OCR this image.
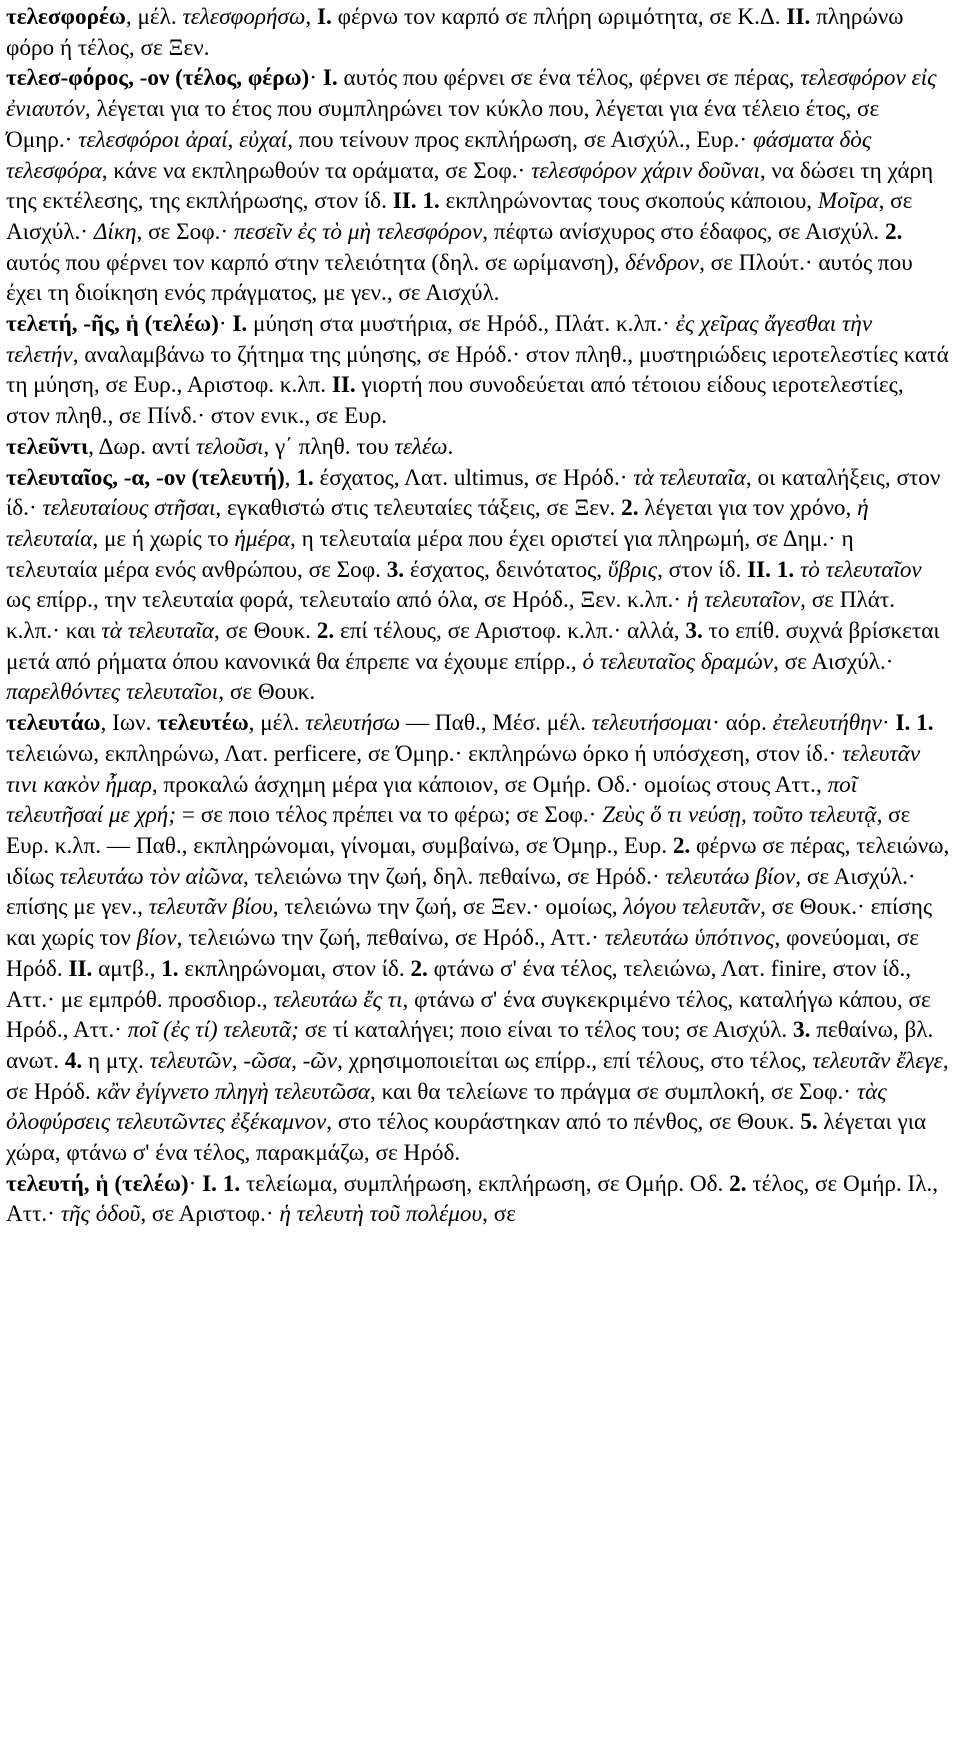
τελεσφορέω, μέλ. τελεσφορήσω, I. φέρνω τον καρπό σε πλήρη ωριμότητα, σε Κ.Δ. II. πληρώνω φόρο ή τέλος, σε Ξεν.

τελεσ-φόρος, -ον (τέλος, φέρω)· I. αυτός που φέρνει σε ένα τέλος, φέρνει σε πέρας, τελεσφόρον εἰς ἐνιαυτόν, λέγεται για το έτος που συμπληρώνει τον κύκλο που, λέγεται για ένα τέλειο έτος, σε Όμηρ.· τελεσφόροι ἀραί, εὐχαί, που τείνουν προς εκπλήρωση, σε Αισχύλ., Ευρ.· φάσματα δὸς τελεσφόρα, κάνε να εκπληρωθούν τα οράματα, σε Σοφ.· τελεσφόρον χάριν δοῦναι, να δώσει τη χάρη της εκτέλεσης, της εκπλήρωσης, στον ίδ. II. 1. εκπληρώνοντας τους σκοπούς κάποιου, Μοῖρα, σε Αισχύλ.· Δίκη, σε Σοφ.· πεσεῖν ἐς τὸ μὴ τελεσφόρον, πέφτω ανίσχυρος στο έδαφος, σε Αισχύλ. 2. αυτός που φέρνει τον καρπό στην τελειότητα (δηλ. σε ωρίμανση), δένδρον, σε Πλούτ.· αυτός που έχει τη διοίκηση ενός πράγματος, με γεν., σε Αισχύλ.

τελετή, -ῆς, ἡ (τελέω)· I. μύηση στα μυστήρια, σε Ηρόδ., Πλάτ. κ.λπ.· ἐς χεῖρας ἄγεσθαι τὴν τελετήν, αναλαμβάνω το ζήτημα της μύησης, σε Ηρόδ.· στον πληθ., μυστηριώδεις ιεροτελεστίες κατά τη μύηση, σε Ευρ., Αριστοφ. κ.λπ. II. γιορτή που συνοδεύεται από τέτοιου είδους ιεροτελεστίες, στον πληθ., σε Πίνδ.· στον ενικ., σε Ευρ.

τελεῦντι, Δωρ. αντί τελοῦσι, γ΄ πληθ. του τελέω.

τελευταῖος, -α, -ον (τελευτή), 1. έσχατος, Λατ. ultimus, σε Ηρόδ.· τὰ τελευταῖα, οι καταλήξεις, στον ίδ.· τελευταίους στῆσαι, εγκαθιστώ στις τελευταίες τάξεις, σε Ξεν. 2. λέγεται για τον χρόνο, ἡ τελευταία, με ή χωρίς το ἡμέρα, η τελευταία μέρα που έχει οριστεί για πληρωμή, σε Δημ.· η τελευταία μέρα ενός ανθρώπου, σε Σοφ. 3. έσχατος, δεινότατος, ὕβρις, στον ίδ. II. 1. τὸ τελευταῖον ως επίρρ., την τελευταία φορά, τελευταίο από όλα, σε Ηρόδ., Ξεν. κ.λπ.· ἡ τελευταῖον, σε Πλάτ. κ.λπ.· και τὰ τελευταῖα, σε Θουκ. 2. επί τέλους, σε Αριστοφ. κ.λπ.· αλλά, 3. το επίθ. συχνά βρίσκεται μετά από ρήματα όπου κανονικά θα έπρεπε να έχουμε επίρρ., ὁ τελευταῖος δραμών, σε Αισχύλ.· παρελθόντες τελευταῖοι, σε Θουκ.

τελευτάω, Ιων. τελευτέω, μέλ. τελευτήσω — Παθ., Μέσ. μέλ. τελευτήσομαι· αόρ. ἐτελευτήθην· I. 1. τελειώνω, εκπληρώνω, Λατ. perficere, σε Όμηρ.· εκπληρώνω όρκο ή υπόσχεση, στον ίδ.· τελευτᾶν τινι κακὸν ἦμαρ, προκαλώ άσχημη μέρα για κάποιον, σε Ομήρ. Οδ.· ομοίως στους Αττ., ποῖ τελευτῆσαί με χρή; = σε ποιο τέλος πρέπει να το φέρω; σε Σοφ.· Ζεὺς ὅ τι νεύσῃ, τοῦτο τελευτᾷ, σε Ευρ. κ.λπ. — Παθ., εκπληρώνομαι, γίνομαι, συμβαίνω, σε Όμηρ., Ευρ. 2. φέρνω σε πέρας, τελειώνω, ιδίως τελευτάω τὸν αἰῶνα, τελειώνω την ζωή, δηλ. πεθαίνω, σε Ηρόδ.· τελευτάω βίον, σε Αισχύλ.· επίσης με γεν., τελευτᾶν βίου, τελειώνω την ζωή, σε Ξεν.· ομοίως, λόγου τελευτᾶν, σε Θουκ.· επίσης και χωρίς τον βίον, τελειώνω την ζωή, πεθαίνω, σε Ηρόδ., Αττ.· τελευτάω ὑπότινος, φονεύομαι, σε Ηρόδ. II. αμτβ., 1. εκπληρώνομαι, στον ίδ. 2. φτάνω σ' ένα τέλος, τελειώνω, Λατ. finire, στον ίδ., Αττ.· με εμπρόθ. προσδιορ., τελευτάω ἔς τι, φτάνω σ' ένα συγκεκριμένο τέλος, καταλήγω κάπου, σε Ηρόδ., Αττ.· ποῖ (ἐς τί) τελευτᾶ; σε τί καταλήγει; ποιο είναι το τέλος του; σε Αισχύλ. 3. πεθαίνω, βλ. ανωτ. 4. η μτχ. τελευτῶν, -ῶσα, -ῶν, χρησιμοποιείται ως επίρρ., επί τέλους, στο τέλος, τελευτᾶν ἔλεγε, σε Ηρόδ. κἂν ἐγίγνετο πληγὴ τελευτῶσα, και θα τελείωνε το πράγμα σε συμπλοκή, σε Σοφ.· τὰς ὀλοφύρσεις τελευτῶντες ἐξέκαμνον, στο τέλος κουράστηκαν από το πένθος, σε Θουκ. 5. λέγεται για χώρα, φτάνω σ' ένα τέλος, παρακμάζω, σε Ηρόδ.

τελευτή, ἡ (τελέω)· I. 1. τελείωμα, συμπλήρωση, εκπλήρωση, σε Ομήρ. Οδ. 2. τέλος, σε Ομήρ. Ιλ., Αττ.· τῆς ὁδοῦ, σε Αριστοφ.· ἡ τελευτὴ τοῦ πολέμου, σε
